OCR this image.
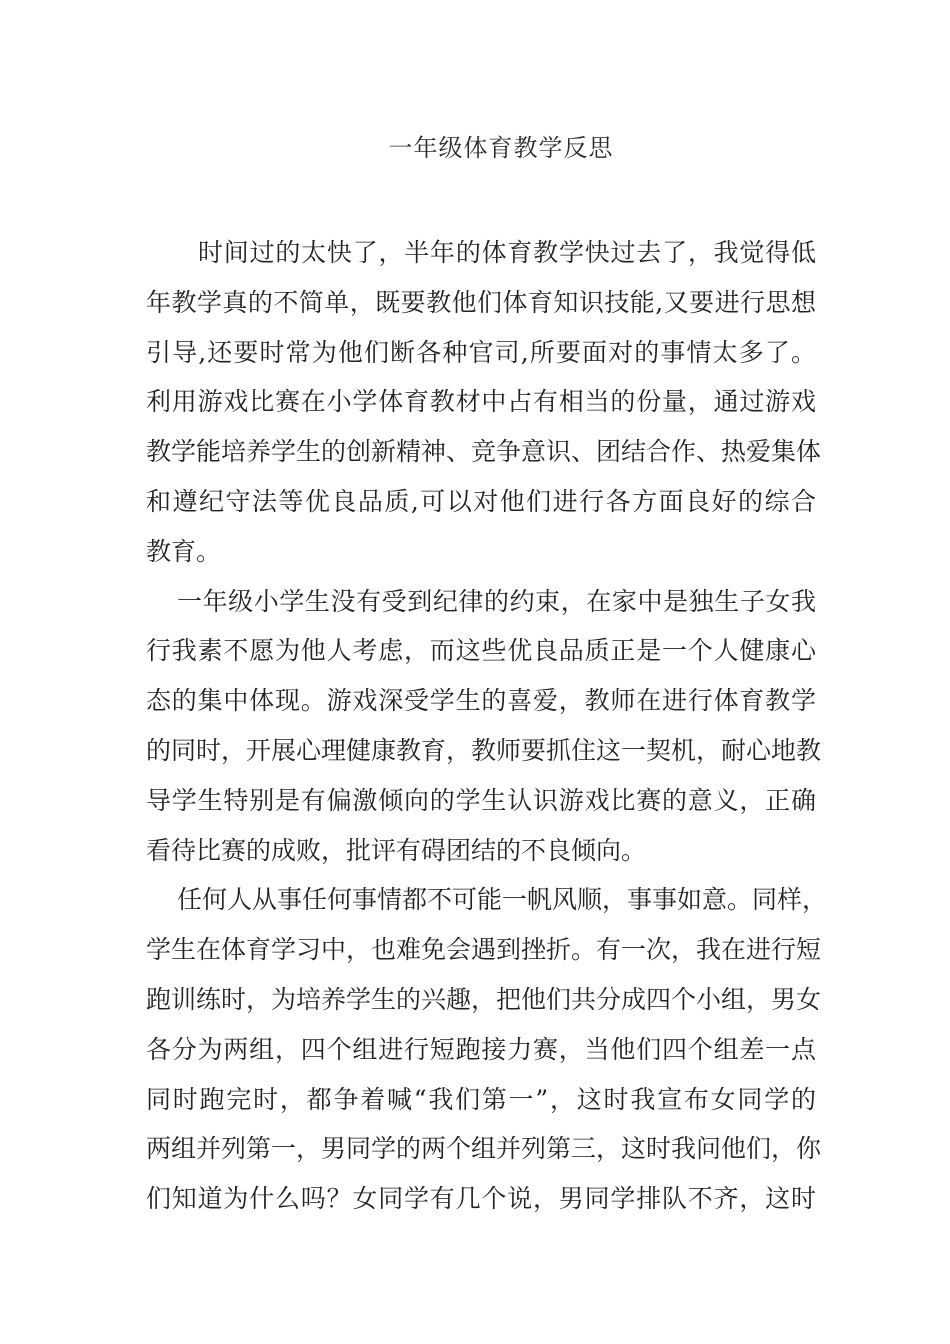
一年级体育教学反思
时间过的太快了，半年的体育教学快过去了，我觉得低
年教学真的不简单，既要教他们体育知识技能,又要进行思想
引导,还要时常为他们断各种官司,所要面对的事情太多了。
利用游戏比赛在小学体育教材中占有相当的份量，通过游戏
教学能培养学生的创新精神、竞争意识、团结合作、热爱集体
和遵纪守法等优良品质,可以对他们进行各方面良好的综合
教育。
一年级小学生没有受到纪律的约束，在家中是独生子女我
行我素不愿为他人考虑，而这些优良品质正是一个人健康心
态的集中体现。游戏深受学生的喜爱，教师在进行体育教学
的同时，开展心理健康教育，教师要抓住这一契机，耐心地教
导学生特别是有偏激倾向的学生认识游戏比赛的意义，正确
看待比赛的成败，批评有碍团结的不良倾向。
任何人从事任何事情都不可能一帆风顺，事事如意。同样，
学生在体育学习中，也难免会遇到挫折。有一次，我在进行短
跑训练时，为培养学生的兴趣，把他们共分成四个小组，男女
各分为两组，四个组进行短跑接力赛，当他们四个组差一点
同时跑完时，都争着喊“我们第一”，这时我宣布女同学的
两组并列第一，男同学的两个组并列第三，这时我问他们，你
们知道为什么吗？女同学有几个说，男同学排队不齐，这时
